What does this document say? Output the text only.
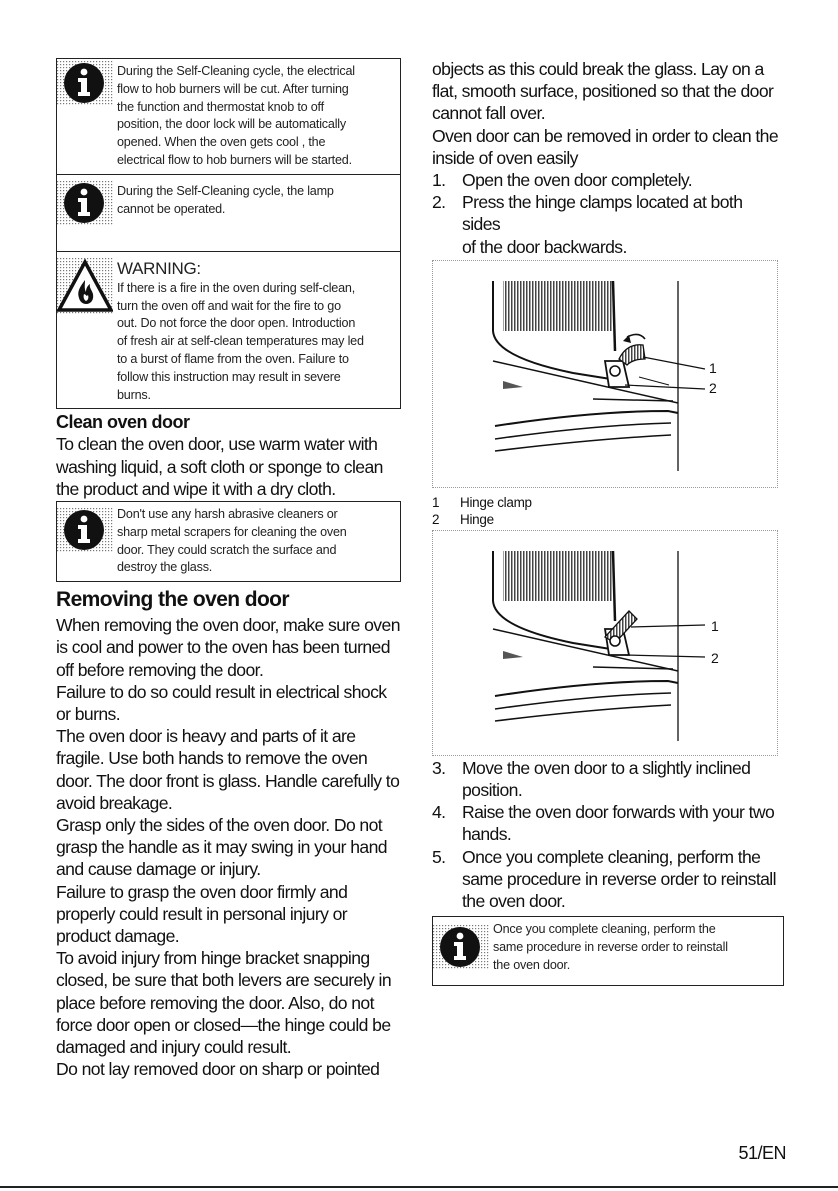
During the Self-Cleaning cycle, the electrical

flow to hob burners will be cut. After turning

the function and thermostat knob to off

position, the door lock will be automatically

opened. When the oven gets cool , the

electrical flow to hob burners will be started.

During the Self-Cleaning cycle, the lamp

cannot be operated.

WARNING:

If there is a fire in the oven during self-clean,

turn the oven off and wait for the fire to go

out. Do not force the door open. Introduction

of fresh air at self-clean temperatures may led

to a burst of flame from the oven. Failure to

follow this instruction may result in severe

burns.

Clean oven door

To clean the oven door, use warm water with

washing liquid, a soft cloth or sponge to clean

the product and wipe it with a dry cloth.

Don't use any harsh abrasive cleaners or

sharp metal scrapers for cleaning the oven

door. They could scratch the surface and

destroy the glass.

Removing the oven door

When removing the oven door, make sure oven

is cool and power to the oven has been turned

off before removing the door.

Failure to do so could result in electrical shock

or burns.

The oven door is heavy and parts of it are

fragile. Use both hands to remove the oven

door. The door front is glass. Handle carefully to

avoid breakage.

Grasp only the sides of the oven door. Do not

grasp the handle as it may swing in your hand

and cause damage or injury.

Failure to grasp the oven door firmly and

properly could result in personal injury or

product damage.

To avoid injury from hinge bracket snapping

closed, be sure that both levers are securely in

place before removing the door. Also, do not

force door open or closed—the hinge could be

damaged and injury could result.

Do not lay removed door on sharp or pointed

objects as this could break the glass. Lay on a

flat, smooth surface, positioned so that the door

cannot fall over.

Oven door can be removed in order to clean the

inside of oven easily

1. Open the oven door completely.
2. Press the hinge clamps located at both sides
of the door backwards.
1
2

1 Hinge clamp

2 Hinge

1
2
3. Move the oven door to a slightly inclined
position.
4. Raise the oven door forwards with your two
hands.
5. Once you complete cleaning, perform the
same procedure in reverse order to reinstall
the oven door.

Once you complete cleaning, perform the

same procedure in reverse order to reinstall

the oven door.

51/EN
